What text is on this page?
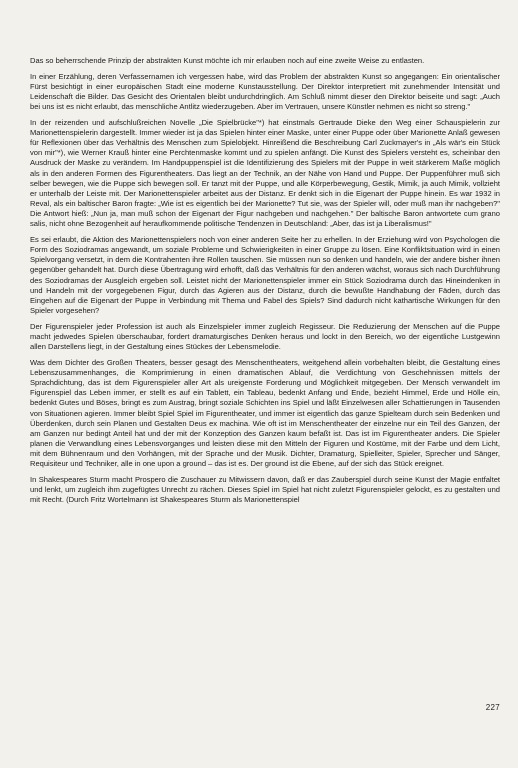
Das so beherrschende Prinzip der abstrakten Kunst möchte ich mir erlauben noch auf eine zweite Weise zu entlasten.

In einer Erzählung, deren Verfassernamen ich vergessen habe, wird das Problem der abstrakten Kunst so angegangen: Ein orientalischer Fürst besichtigt in einer europäischen Stadt eine moderne Kunstausstellung. Der Direktor interpretiert mit zunehmender Intensität und Leidenschaft die Bilder. Das Gesicht des Orientalen bleibt undurchdringlich. Am Schluß nimmt dieser den Direktor beiseite und sagt: „Auch bei uns ist es nicht erlaubt, das menschliche Antlitz wiederzugeben. Aber im Vertrauen, unsere Künstler nehmen es nicht so streng."

In der reizenden und aufschlußreichen Novelle „Die Spielbrücke"*) hat einstmals Gertraude Dieke den Weg einer Schauspielerin zur Marionettenspielerin dargestellt. Immer wieder ist ja das Spielen hinter einer Maske, unter einer Puppe oder über Marionette Anlaß gewesen für Reflexionen über das Verhältnis des Menschen zum Spielobjekt. Hinreißend die Beschreibung Carl Zuckmayer's in „Als wär's ein Stück von mir"*), wie Werner Krauß hinter eine Perchtenmaske kommt und zu spielen anfängt. Die Kunst des Spielers versteht es, scheinbar den Ausdruck der Maske zu verändern. Im Handpuppenspiel ist die Identifizierung des Spielers mit der Puppe in weit stärkerem Maße möglich als in den anderen Formen des Figurentheaters. Das liegt an der Technik, an der Nähe von Hand und Puppe. Der Puppenführer muß sich selber bewegen, wie die Puppe sich bewegen soll. Er tanzt mit der Puppe, und alle Körperbewegung, Gestik, Mimik, ja auch Mimik, vollzieht er unterhalb der Leiste mit. Der Marionettenspieler arbeitet aus der Distanz. Er denkt sich in die Eigenart der Puppe hinein. Es war 1932 in Reval, als ein baltischer Baron fragte: „Wie ist es eigentlich bei der Marionette? Tut sie, was der Spieler will, oder muß man ihr nachgeben?" Die Antwort hieß: „Nun ja, man muß schon der Eigenart der Figur nachgeben und nachgehen." Der baltische Baron antwortete cum grano salis, nicht ohne Bezogenheit auf heraufkommende politische Tendenzen in Deutschland: „Aber, das ist ja Liberalismus!"

Es sei erlaubt, die Aktion des Marionettenspielers noch von einer anderen Seite her zu erhellen. In der Erziehung wird von Psychologen die Form des Soziodramas angewandt, um soziale Probleme und Schwierigkeiten in einer Gruppe zu lösen. Eine Konfliktsituation wird in einen Spielvorgang versetzt, in dem die Kontrahenten ihre Rollen tauschen. Sie müssen nun so denken und handeln, wie der andere bisher ihnen gegenüber gehandelt hat. Durch diese Übertragung wird erhofft, daß das Verhältnis für den anderen wächst, woraus sich nach Durchführung des Soziodramas der Ausgleich ergeben soll. Leistet nicht der Marionettenspieler immer ein Stück Soziodrama durch das Hineindenken in und Handeln mit der vorgegebenen Figur, durch das Agieren aus der Distanz, durch die bewußte Handhabung der Fäden, durch das Eingehen auf die Eigenart der Puppe in Verbindung mit Thema und Fabel des Spiels? Sind dadurch nicht kathartische Wirkungen für den Spieler vorgesehen?

Der Figurenspieler jeder Profession ist auch als Einzelspieler immer zugleich Regisseur. Die Reduzierung der Menschen auf die Puppe macht jedwedes Spielen überschaubar, fordert dramaturgisches Denken heraus und lockt in den Bereich, wo der eigentliche Lustgewinn allen Darstellens liegt, in der Gestaltung eines Stückes der Lebensmelodie.

Was dem Dichter des Großen Theaters, besser gesagt des Menschentheaters, weitgehend allein vorbehalten bleibt, die Gestaltung eines Lebenszusammenhanges, die Komprimierung in einen dramatischen Ablauf, die Verdichtung von Geschehnissen mittels der Sprachdichtung, das ist dem Figurenspieler aller Art als ureigenste Forderung und Möglichkeit mitgegeben. Der Mensch verwandelt im Figurenspiel das Leben immer, er stellt es auf ein Tablett, ein Tableau, bedenkt Anfang und Ende, bezieht Himmel, Erde und Hölle ein, bedenkt Gutes und Böses, bringt es zum Austrag, bringt soziale Schichten ins Spiel und läßt Einzelwesen aller Schattierungen in Tausenden von Situationen agieren. Immer bleibt Spiel Spiel im Figurentheater, und immer ist eigentlich das ganze Spielteam durch sein Bedenken und Überdenken, durch sein Planen und Gestalten Deus ex machina. Wie oft ist im Menschentheater der einzelne nur ein Teil des Ganzen, der am Ganzen nur bedingt Anteil hat und der mit der Konzeption des Ganzen kaum befaßt ist. Das ist im Figurentheater anders. Die Spieler planen die Verwandlung eines Lebensvorganges und leisten diese mit den Mitteln der Figuren und Kostüme, mit der Farbe und dem Licht, mit dem Bühnenraum und den Vorhängen, mit der Sprache und der Musik. Dichter, Dramaturg, Spielleiter, Spieler, Sprecher und Sänger, Requisiteur und Techniker, alle in one upon a ground – das ist es. Der ground ist die Ebene, auf der sich das Stück ereignet.

In Shakespeares Sturm macht Prospero die Zuschauer zu Mitwissern davon, daß er das Zauberspiel durch seine Kunst der Magie entfaltet und lenkt, um zugleich ihm zugefügtes Unrecht zu rächen. Dieses Spiel im Spiel hat nicht zuletzt Figurenspieler gelockt, es zu gestalten und mit Recht. (Durch Fritz Wortelmann ist Shakespeares Sturm als Marionettenspiel

227
